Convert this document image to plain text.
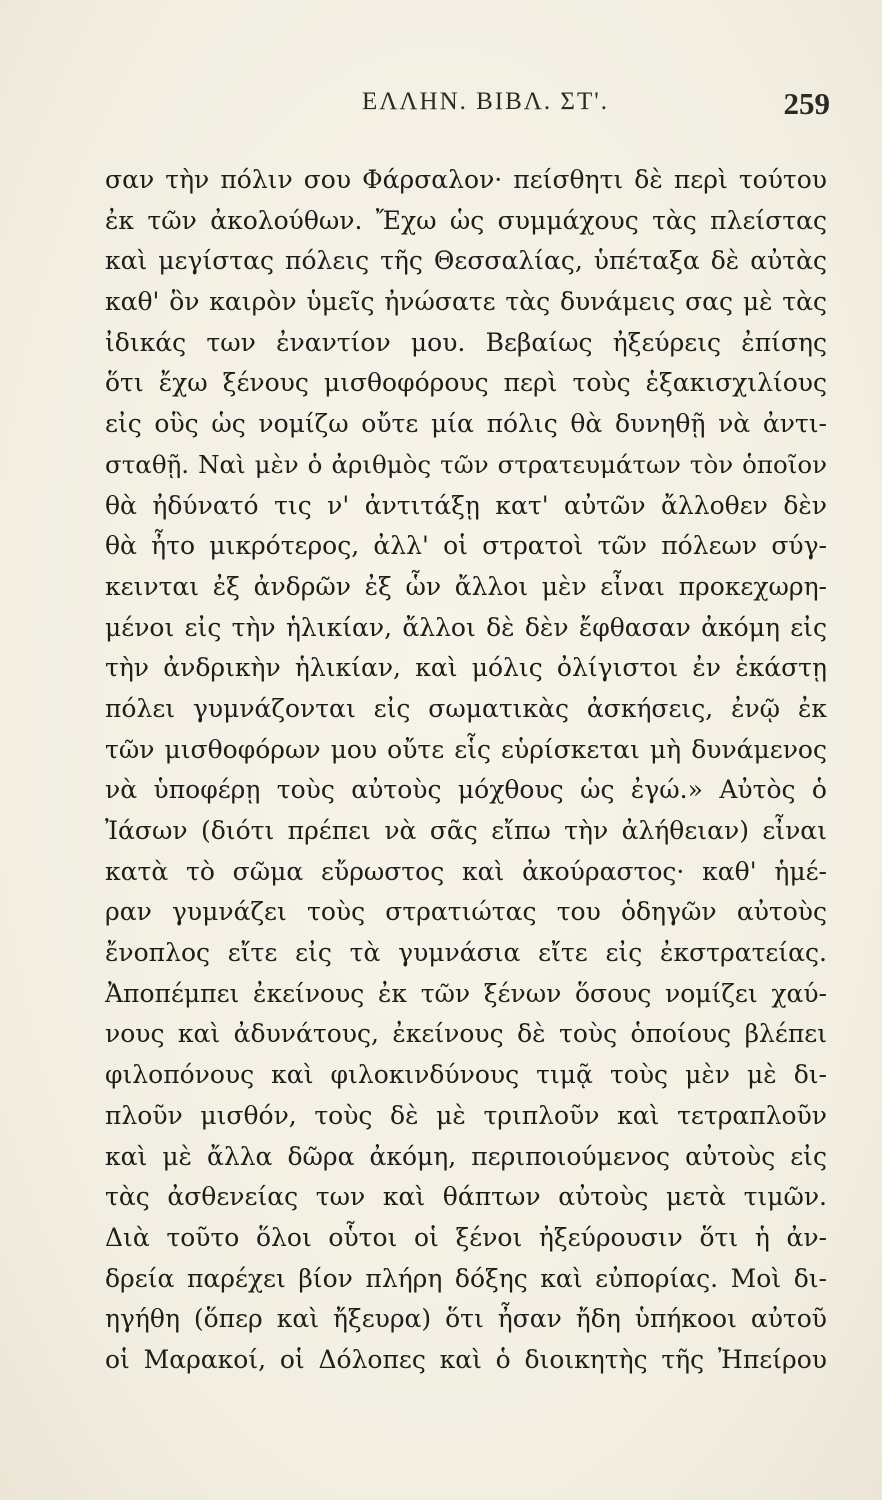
ΕΛΛΗΝ. ΒΙΒΛ. ΣΤ'.	259
σαν τὴν πόλιν σου Φάρσαλον· πείσθητι δὲ περὶ τούτου
ἐκ τῶν ἀκολούθων. Ἔχω ὡς συμμάχους τὰς πλείστας
καὶ μεγίστας πόλεις τῆς Θεσσαλίας, ὑπέταξα δὲ αὐτὰς
καθ' ὃν καιρὸν ὑμεῖς ἠνώσατε τὰς δυνάμεις σας μὲ τὰς
ἰδικάς των ἐναντίον μου. Βεβαίως ἠξεύρεις ἐπίσης
ὅτι ἔχω ξένους μισθοφόρους περὶ τοὺς ἑξακισχιλίους
εἰς οὓς ὡς νομίζω οὔτε μία πόλις θὰ δυνηθῇ νὰ ἀντι-
σταθῇ. Ναὶ μὲν ὁ ἀριθμὸς τῶν στρατευμάτων τὸν ὁποῖον
θὰ ἠδύνατό τις ν' ἀντιτάξῃ κατ' αὐτῶν ἄλλοθεν δὲν
θὰ ἦτο μικρότερος, ἀλλ' οἱ στρατοὶ τῶν πόλεων σύγ-
κεινται ἐξ ἀνδρῶν ἐξ ὧν ἄλλοι μὲν εἶναι προκεχωρη-
μένοι εἰς τὴν ἡλικίαν, ἄλλοι δὲ δὲν ἔφθασαν ἀκόμη εἰς
τὴν ἀνδρικὴν ἡλικίαν, καὶ μόλις ὀλίγιστοι ἐν ἑκάστῃ
πόλει γυμνάζονται εἰς σωματικὰς ἀσκήσεις, ἐνῷ ἐκ
τῶν μισθοφόρων μου οὔτε εἷς εὑρίσκεται μὴ δυνάμενος
νὰ ὑποφέρῃ τοὺς αὐτοὺς μόχθους ὡς ἐγώ.» Αὐτὸς ὁ
Ἰάσων (διότι πρέπει νὰ σᾶς εἴπω τὴν ἀλήθειαν) εἶναι
κατὰ τὸ σῶμα εὔρωστος καὶ ἀκούραστος· καθ' ἡμέ-
ραν γυμνάζει τοὺς στρατιώτας του ὁδηγῶν αὐτοὺς
ἔνοπλος εἴτε εἰς τὰ γυμνάσια εἴτε εἰς ἐκστρατείας.
Ἀποπέμπει ἐκείνους ἐκ τῶν ξένων ὅσους νομίζει χαύ-
νους καὶ ἀδυνάτους, ἐκείνους δὲ τοὺς ὁποίους βλέπει
φιλοπόνους καὶ φιλοκινδύνους τιμᾷ τοὺς μὲν μὲ δι-
πλοῦν μισθόν, τοὺς δὲ μὲ τριπλοῦν καὶ τετραπλοῦν
καὶ μὲ ἄλλα δῶρα ἀκόμη, περιποιούμενος αὐτοὺς εἰς
τὰς ἀσθενείας των καὶ θάπτων αὐτοὺς μετὰ τιμῶν.
Διὰ τοῦτο ὅλοι οὗτοι οἱ ξένοι ἠξεύρουσιν ὅτι ἡ ἀν-
δρεία παρέχει βίον πλήρη δόξης καὶ εὐπορίας. Μοὶ δι-
ηγήθη (ὅπερ καὶ ἤξευρα) ὅτι ἦσαν ἤδη ὑπήκοοι αὐτοῦ
οἱ Μαρακοί, οἱ Δόλοπες καὶ ὁ διοικητὴς τῆς Ἠπείρου
